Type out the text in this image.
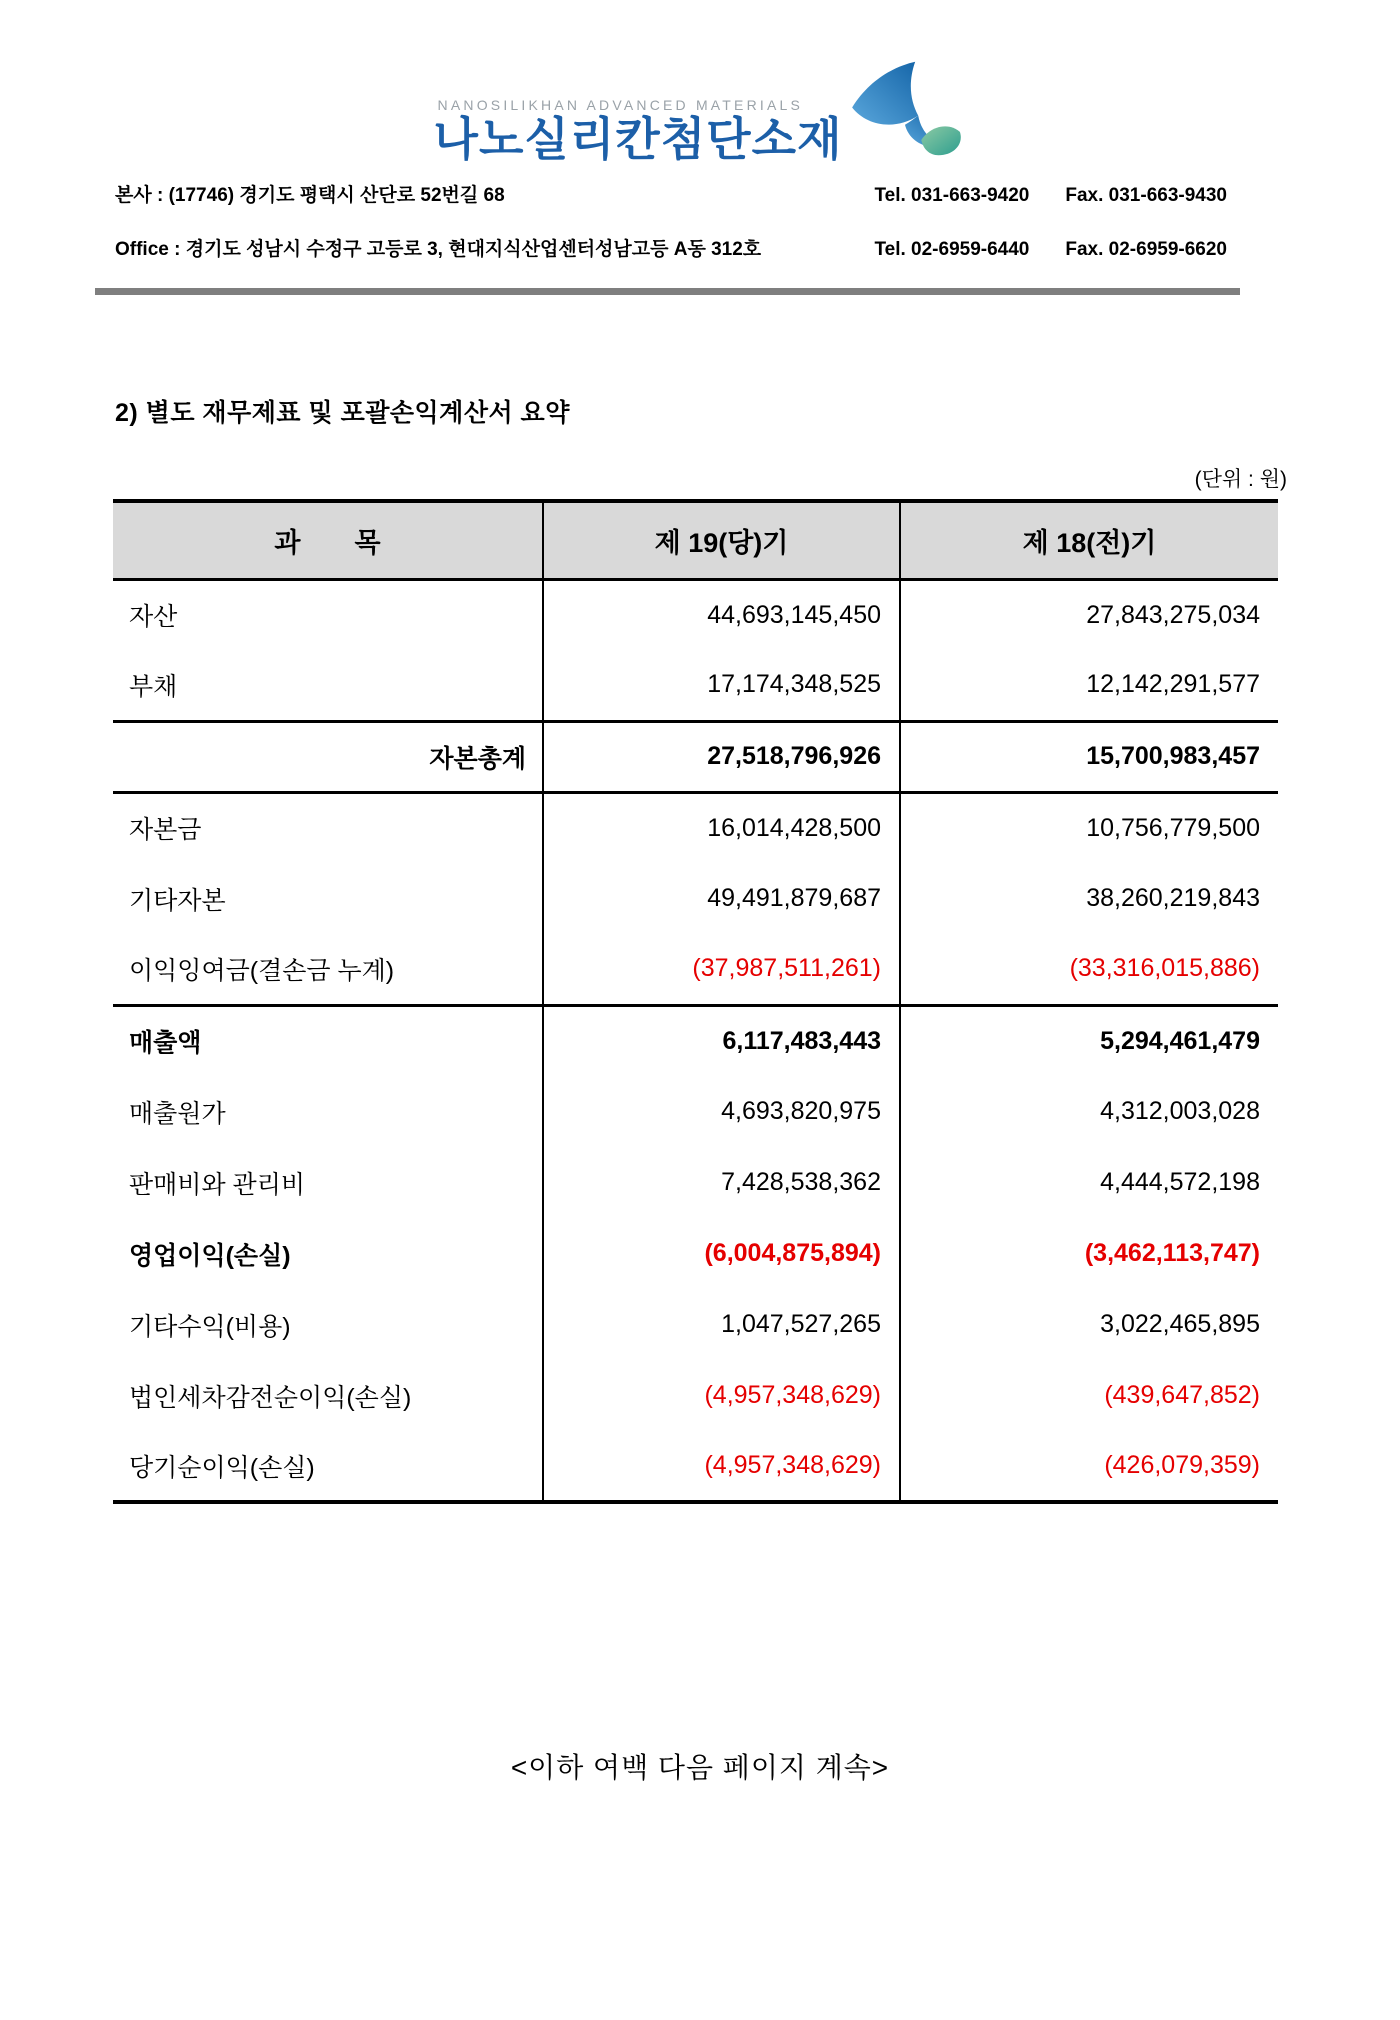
NANOSILIKHAN ADVANCED MATERIALS
나노실리칸첨단소재
본사 : (17746) 경기도 평택시 산단로 52번길 68	Tel. 031-663-9420 Fax. 031-663-9430
Office : 경기도 성남시 수정구 고등로 3, 현대지식산업센터성남고등 A동 312호	Tel. 02-6959-6440 Fax. 02-6959-6620
2) 별도 재무제표 및 포괄손익계산서 요약
(단위 : 원)
과　　목	제 19(당)기	제 18(전)기
자산	44,693,145,450	27,843,275,034
부채	17,174,348,525	12,142,291,577
자본총계	27,518,796,926	15,700,983,457
자본금	16,014,428,500	10,756,779,500
기타자본	49,491,879,687	38,260,219,843
이익잉여금(결손금 누계)	(37,987,511,261)	(33,316,015,886)
매출액	6,117,483,443	5,294,461,479
매출원가	4,693,820,975	4,312,003,028
판매비와 관리비	7,428,538,362	4,444,572,198
영업이익(손실)	(6,004,875,894)	(3,462,113,747)
기타수익(비용)	1,047,527,265	3,022,465,895
법인세차감전순이익(손실)	(4,957,348,629)	(439,647,852)
당기순이익(손실)	(4,957,348,629)	(426,079,359)
<이하 여백 다음 페이지 계속>
